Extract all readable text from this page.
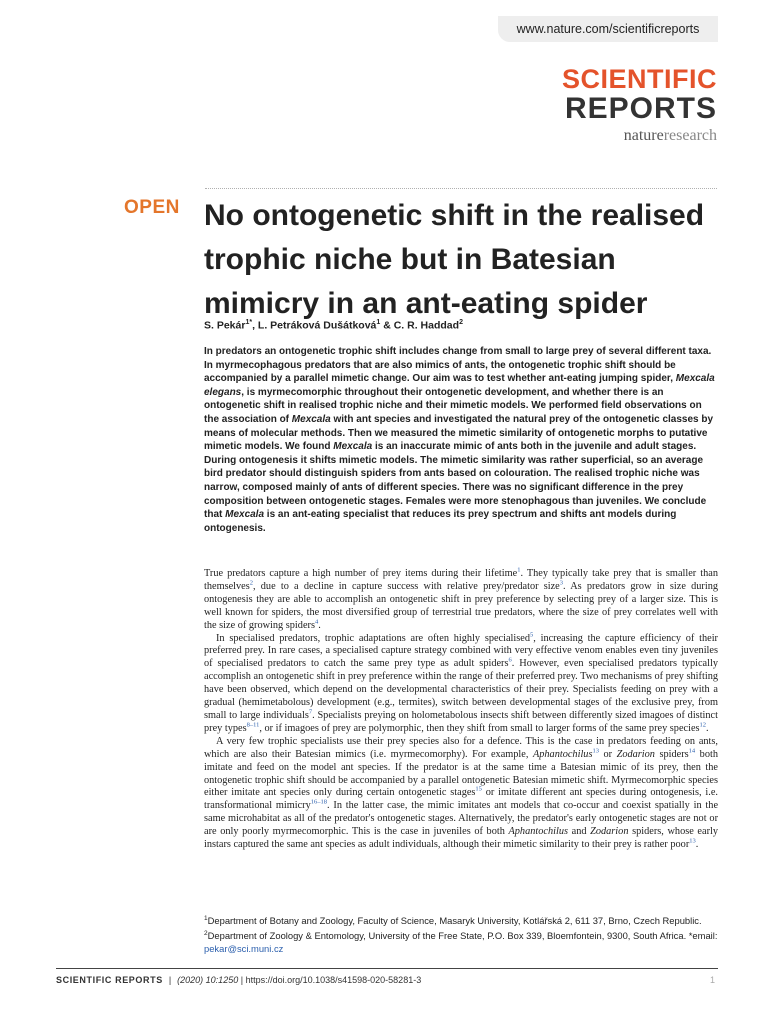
www.nature.com/scientificreports
SCIENTIFIC
REPORTS
natureresearch
OPEN No ontogenetic shift in the realised trophic niche but in Batesian mimicry in an ant-eating spider
S. Pekár$^{1*}$, L. Petráková Dušátková$^1$ & C. R. Haddad$^2$
In predators an ontogenetic trophic shift includes change from small to large prey of several different taxa. In myrmecophagous predators that are also mimics of ants, the ontogenetic trophic shift should be accompanied by a parallel mimetic change. Our aim was to test whether ant-eating jumping spider, Mexcala elegans, is myrmecomorphic throughout their ontogenetic development, and whether there is an ontogenetic shift in realised trophic niche and their mimetic models. We performed field observations on the association of Mexcala with ant species and investigated the natural prey of the ontogenetic classes by means of molecular methods. Then we measured the mimetic similarity of ontogenetic morphs to putative mimetic models. We found Mexcala is an inaccurate mimic of ants both in the juvenile and adult stages. During ontogenesis it shifts mimetic models. The mimetic similarity was rather superficial, so an average bird predator should distinguish spiders from ants based on colouration. The realised trophic niche was narrow, composed mainly of ants of different species. There was no significant difference in the prey composition between ontogenetic stages. Females were more stenophagous than juveniles. We conclude that Mexcala is an ant-eating specialist that reduces its prey spectrum and shifts ant models during ontogenesis.

True predators capture a high number of prey items during their lifetime$^1$. They typically take prey that is smaller than themselves$^2$, due to a decline in capture success with relative prey/predator size$^3$. As predators grow in size during ontogenesis they are able to accomplish an ontogenetic shift in prey preference by selecting prey of a larger size. This is well known for spiders, the most diversified group of terrestrial true predators, where the size of prey correlates well with the size of growing spiders$^4$.

In specialised predators, trophic adaptations are often highly specialised$^5$, increasing the capture efficiency of their preferred prey. In rare cases, a specialised capture strategy combined with very effective venom enables even tiny juveniles of specialised predators to catch the same prey type as adult spiders$^6$. However, even specialised predators typically accomplish an ontogenetic shift in prey preference within the range of their preferred prey. Two mechanisms of prey shifting have been observed, which depend on the developmental characteristics of their prey. Specialists feeding on prey with a gradual (hemimetabolous) development (e.g., termites), switch between developmental stages of the exclusive prey, from small to large individuals$^7$. Specialists preying on holometabolous insects shift between differently sized imagoes of distinct prey types$^{8-11}$, or if imagoes of prey are polymorphic, then they shift from small to larger forms of the same prey species$^{12}$.

A very few trophic specialists use their prey species also for a defence. This is the case in predators feeding on ants, which are also their Batesian mimics (i.e. myrmecomorphy). For example, Aphantochilus$^{13}$ or Zodarion spiders$^{14}$ both imitate and feed on the model ant species. If the predator is at the same time a Batesian mimic of its prey, then the ontogenetic trophic shift should be accompanied by a parallel ontogenetic Batesian mimetic shift. Myrmecomorphic species either imitate ant species only during certain ontogenetic stages$^{15}$ or imitate different ant species during ontogenesis, i.e. transformational mimicry$^{16-18}$. In the latter case, the mimic imitates ant models that co-occur and coexist spatially in the same microhabitat as all of the predator's ontogenetic stages. Alternatively, the predator's early ontogenetic stages are not or are only poorly myrmecomorphic. This is the case in juveniles of both Aphantochilus and Zodarion spiders, whose early instars captured the same ant species as adult individuals, although their mimetic similarity to their prey is rather poor$^{13}$.

$^1$Department of Botany and Zoology, Faculty of Science, Masaryk University, Kotlářská 2, 611 37, Brno, Czech Republic. $^2$Department of Zoology & Entomology, University of the Free State, P.O. Box 339, Bloemfontein, 9300, South Africa. *email: pekar@sci.muni.cz
SCIENTIFIC REPORTS | (2020) 10:1250 | https://doi.org/10.1038/s41598-020-58281-3	1
